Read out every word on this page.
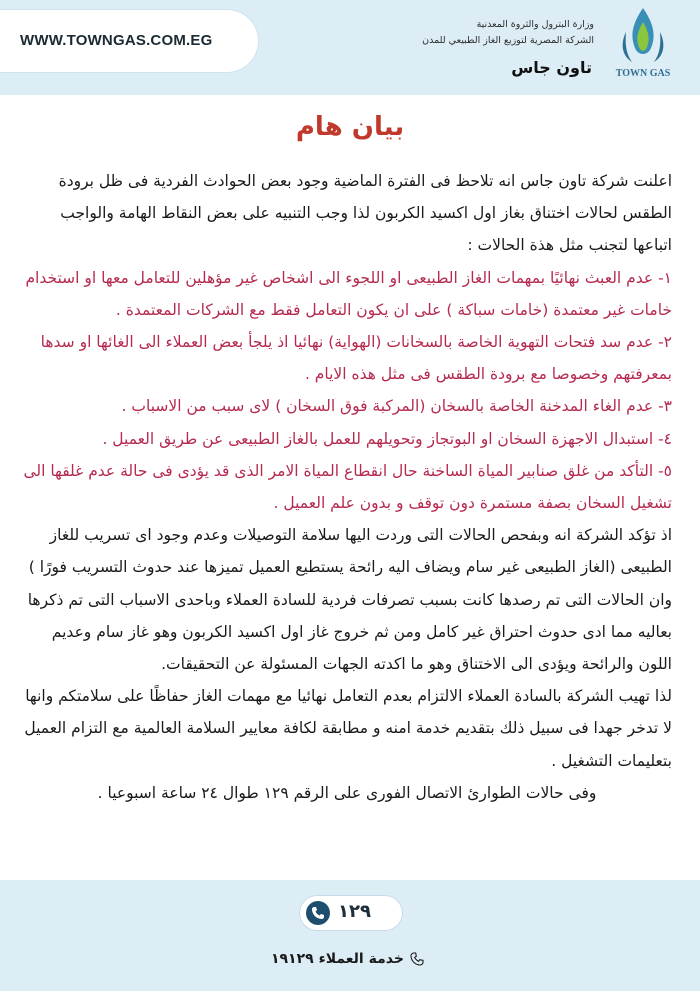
WWW.TOWNGAS.COM.EG
وزارة البترول والثروة المعدنية
الشركة المصرية لتوزيع الغاز الطبيعي للمدن
تاون جاس	TOWN GAS
بيان هام

اعلنت شركة تاون جاس انه تلاحظ فى الفترة الماضية وجود بعض الحوادث الفردية فى ظل برودة الطقس لحالات اختناق بغاز اول اكسيد الكربون لذا وجب التنبيه على بعض النقاط الهامة والواجب اتباعها لتجنب مثل هذة الحالات :

١- عدم العبث نهائيًا بمهمات الغاز الطبيعى او اللجوء الى اشخاص غير مؤهلين للتعامل معها او استخدام خامات غير معتمدة (خامات سباكة ) على ان يكون التعامل فقط مع الشركات المعتمدة .

٢- عدم سد فتحات التهوية الخاصة بالسخانات (الهواية) نهائيا اذ يلجأ بعض العملاء الى الغائها او سدها بمعرفتهم وخصوصا مع برودة الطقس فى مثل هذه الايام .

٣- عدم الغاء المدخنة الخاصة بالسخان (المركبة فوق السخان ) لاى سبب من الاسباب .

٤- استبدال الاجهزة السخان او البوتجاز وتحويلهم للعمل بالغاز الطبيعى عن طريق العميل .

٥- التأكد من غلق صنابير المياة الساخنة حال انقطاع المياة الامر الذى قد يؤدى فى حالة عدم غلقها الى تشغيل السخان بصفة مستمرة دون توقف و بدون علم العميل .

اذ تؤكد الشركة انه وبفحص الحالات التى وردت اليها سلامة التوصيلات وعدم وجود اى تسريب للغاز الطبيعى (الغاز الطبيعى غير سام ويضاف اليه رائحة يستطيع العميل تميزها عند حدوث التسريب فورًا ) وان الحالات التى تم رصدها كانت بسبب تصرفات فردية للسادة العملاء وباحدى الاسباب التى تم ذكرها بعاليه مما ادى حدوث احتراق غير كامل ومن ثم خروج غاز اول اكسيد الكربون وهو غاز سام وعديم اللون والرائحة ويؤدى الى الاختناق وهو ما اكدته الجهات المسئولة عن التحقيقات.

لذا تهيب الشركة بالسادة العملاء الالتزام بعدم التعامل نهائيا مع مهمات الغاز حفاظًا على سلامتكم وانها لا تدخر جهدا فى سبيل ذلك بتقديم خدمة امنه و مطابقة لكافة معايير السلامة العالمية مع التزام العميل بتعليمات التشغيل .

وفى حالات الطوارئ الاتصال الفورى على الرقم ١٢٩ طوال ٢٤ ساعة اسبوعيا .

١٢٩
خدمة العملاء ١٩١٢٩
